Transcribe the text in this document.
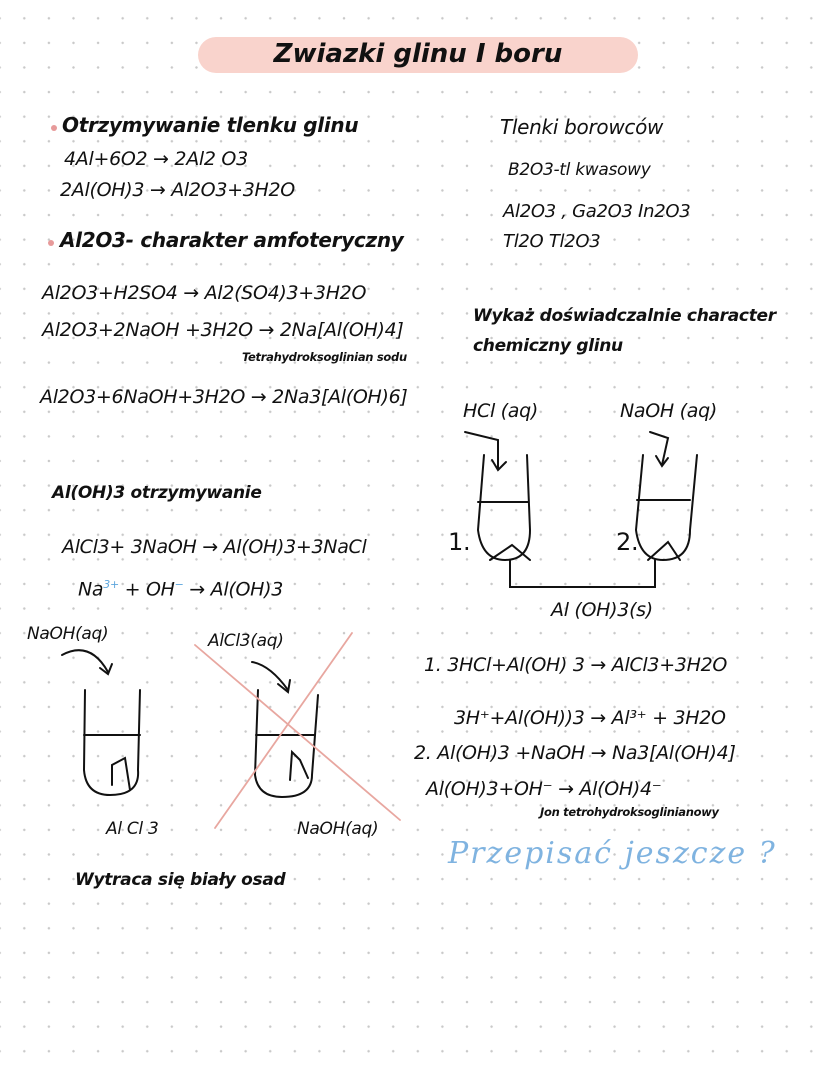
Zwiazki glinu I boru
Otrzymywanie tlenku glinu
4Al+6O2 → 2Al2 O3
2Al(OH)3 → Al2O3+3H2O
Al2O3- charakter amfoteryczny
Al2O3+H2SO4 → Al2(SO4)3+3H2O
Al2O3+2NaOH +3H2O → 2Na[Al(OH)4]
Tetrahydroksoglinian sodu
Al2O3+6NaOH+3H2O → 2Na3[Al(OH)6]
Al(OH)3 otrzymywanie
AlCl3+ 3NaOH → Al(OH)3+3NaCl
$Na^{3+} + OH^- \to Al(OH)3$
NaOH(aq)	AlCl3(aq)
Al Cl 3	NaOH(aq)
Wytraca się biały osad
Tlenki borowców
B2O3-tl kwasowy
Al2O3 , Ga2O3 In2O3
Tl2O Tl2O3
Wykaż doświadczalnie character
chemiczny glinu
HCl (aq)	NaOH (aq)
1.	2.
Al (OH)3(s)
1. 3HCl+Al(OH) 3 → AlCl3+3H2O
3H⁺+Al(OH))3 → Al³⁺ + 3H2O
2. Al(OH)3 +NaOH → Na3[Al(OH)4]
Al(OH)3+OH⁻ → Al(OH)4⁻
Jon tetrohydroksoglinianowy
Przepisać jeszcze ?
